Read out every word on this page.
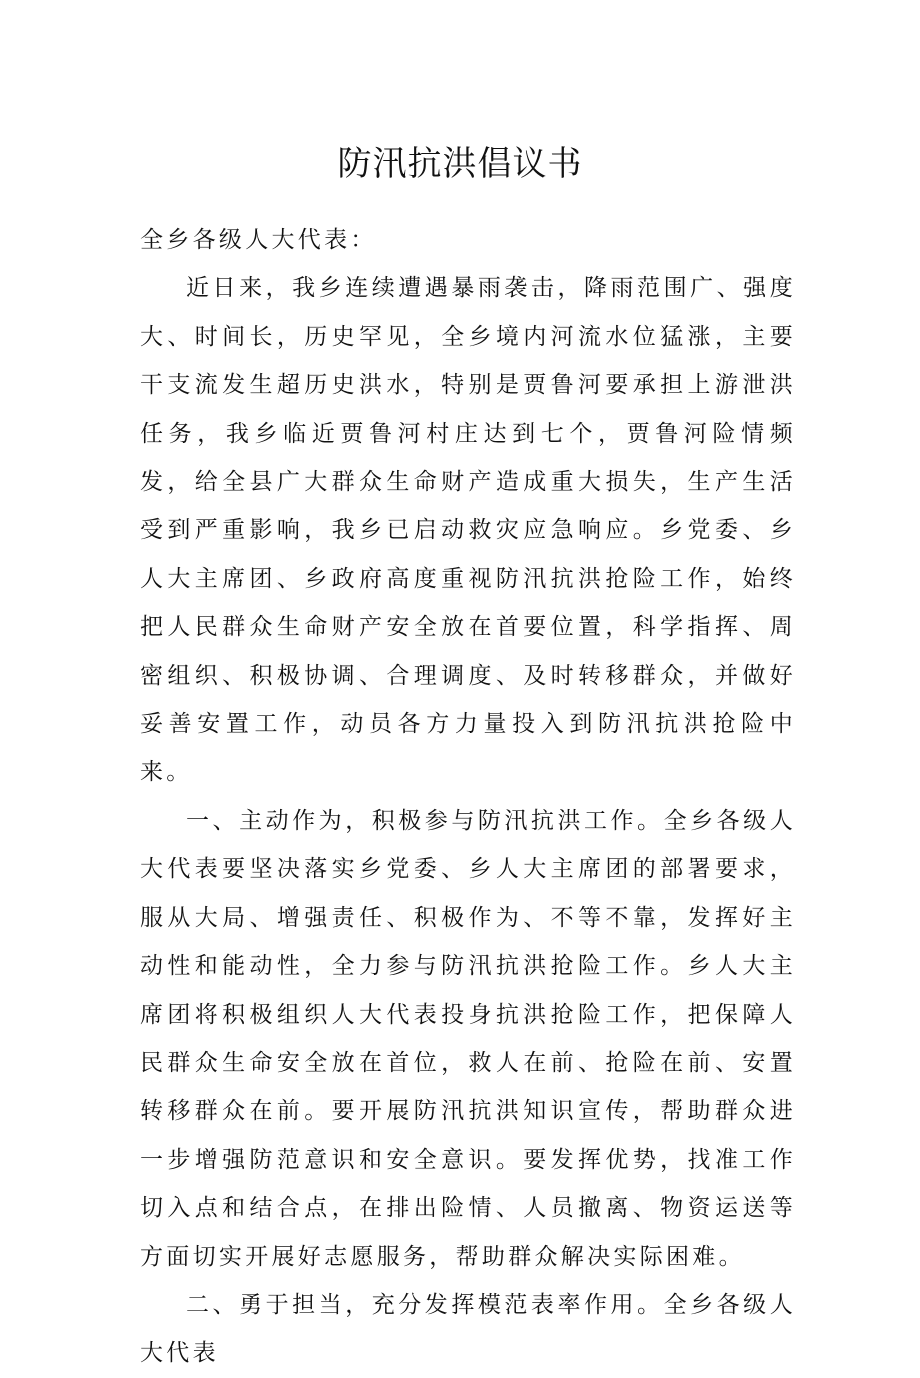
防汛抗洪倡议书

全乡各级人大代表：

近日来，我乡连续遭遇暴雨袭击，降雨范围广、强度大、时间长，历史罕见，全乡境内河流水位猛涨，主要干支流发生超历史洪水，特别是贾鲁河要承担上游泄洪任务，我乡临近贾鲁河村庄达到七个，贾鲁河险情频发，给全县广大群众生命财产造成重大损失，生产生活受到严重影响，我乡已启动救灾应急响应。乡党委、乡人大主席团、乡政府高度重视防汛抗洪抢险工作，始终把人民群众生命财产安全放在首要位置，科学指挥、周密组织、积极协调、合理调度、及时转移群众，并做好妥善安置工作，动员各方力量投入到防汛抗洪抢险中来。

一、主动作为，积极参与防汛抗洪工作。全乡各级人大代表要坚决落实乡党委、乡人大主席团的部署要求，服从大局、增强责任、积极作为、不等不靠，发挥好主动性和能动性，全力参与防汛抗洪抢险工作。乡人大主席团将积极组织人大代表投身抗洪抢险工作，把保障人民群众生命安全放在首位，救人在前、抢险在前、安置转移群众在前。要开展防汛抗洪知识宣传，帮助群众进一步增强防范意识和安全意识。要发挥优势，找准工作切入点和结合点，在排出险情、人员撤离、物资运送等方面切实开展好志愿服务，帮助群众解决实际困难。

二、勇于担当，充分发挥模范表率作用。全乡各级人大代表
